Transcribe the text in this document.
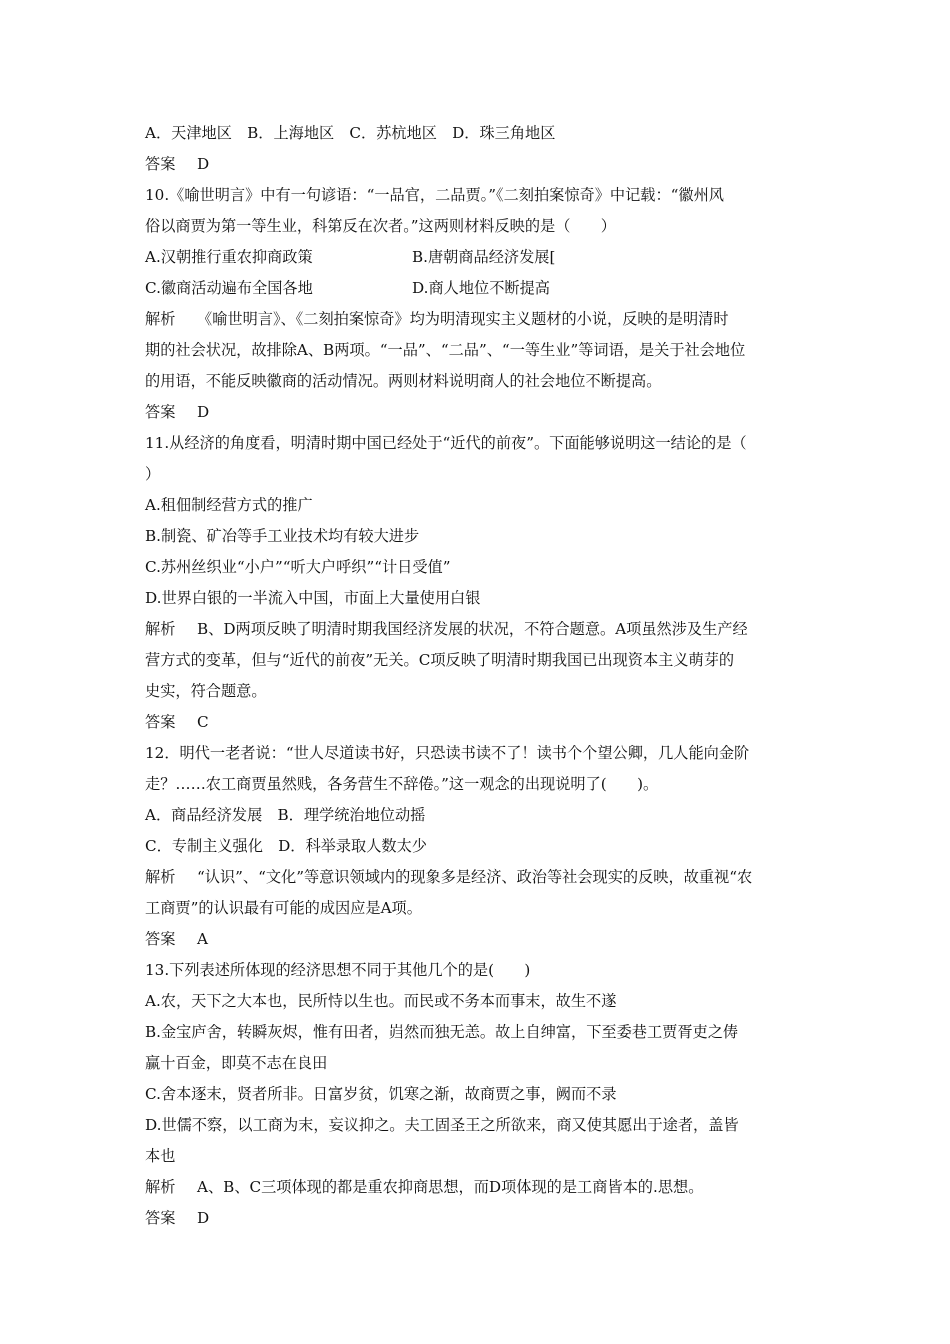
A．天津地区　B．上海地区　C．苏杭地区　D．珠三角地区
答案 D
10.《喻世明言》中有一句谚语：“一品官，二品贾。”《二刻拍案惊奇》中记载：“徽州风
俗以商贾为第一等生业，科第反在次者。”这两则材料反映的是（　　）
A.汉朝推行重农抑商政策	B.唐朝商品经济发展[
C.徽商活动遍布全国各地	D.商人地位不断提高
解析 《喻世明言》、《二刻拍案惊奇》均为明清现实主义题材的小说，反映的是明清时
期的社会状况，故排除A、B两项。“一品”、“二品”、“一等生业”等词语，是关于社会地位
的用语，不能反映徽商的活动情况。两则材料说明商人的社会地位不断提高。
答案 D
11.从经济的角度看，明清时期中国已经处于“近代的前夜”。下面能够说明这一结论的是（
）
A.租佃制经营方式的推广
B.制瓷、矿冶等手工业技术均有较大进步
C.苏州丝织业“小户”“听大户呼织”“计日受值”
D.世界白银的一半流入中国，市面上大量使用白银
解析 B、D两项反映了明清时期我国经济发展的状况，不符合题意。A项虽然涉及生产经
营方式的变革，但与“近代的前夜”无关。C项反映了明清时期我国已出现资本主义萌芽的
史实，符合题意。
答案 C
12．明代一老者说：“世人尽道读书好，只恐读书读不了！读书个个望公卿，几人能向金阶
走？……农工商贾虽然贱，各务营生不辞倦。”这一观念的出现说明了(　　)。
A．商品经济发展　B．理学统治地位动摇
C．专制主义强化　D．科举录取人数太少
解析 “认识”、“文化”等意识领域内的现象多是经济、政治等社会现实的反映，故重视“农
工商贾”的认识最有可能的成因应是A项。
答案 A
13.下列表述所体现的经济思想不同于其他几个的是(　　)
A.农，天下之大本也，民所恃以生也。而民或不务本而事末，故生不遂
B.金宝庐舍，转瞬灰烬，惟有田者，岿然而独无恙。故上自绅富，下至委巷工贾胥吏之俦
赢十百金，即莫不志在良田
C.舍本逐末，贤者所非。日富岁贫，饥寒之渐，故商贾之事，阙而不录
D.世儒不察，以工商为末，妄议抑之。夫工固圣王之所欲来，商又使其愿出于途者，盖皆
本也
解析 A、B、C三项体现的都是重农抑商思想，而D项体现的是工商皆本的.思想。
答案 D
